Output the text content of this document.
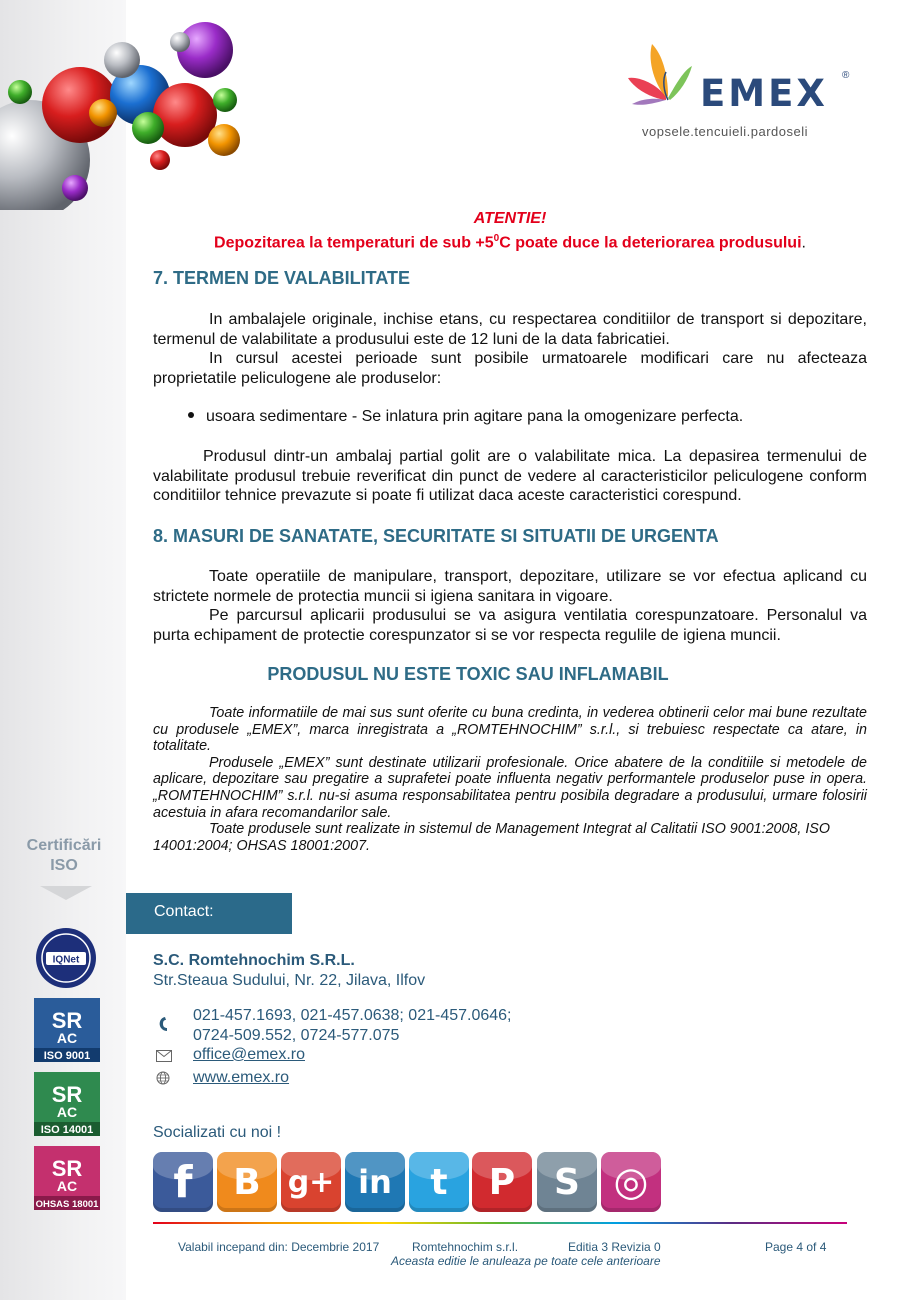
EMEX ®
vopsele.tencuieli.pardoseli
ATENTIE!
Depozitarea la temperaturi de sub $+5^0C$ poate duce la deteriorarea produsului.
7. TERMEN DE VALABILITATE

In ambalajele originale, inchise etans, cu respectarea conditiilor de transport si depozitare, termenul de valabilitate a produsului este de 12 luni de la data fabricatiei.

In cursul acestei perioade sunt posibile urmatoarele modificari care nu afecteaza proprietatile peliculogene ale produselor:

usoara sedimentare - Se inlatura prin agitare pana la omogenizare perfecta.

Produsul dintr-un ambalaj partial golit are o valabilitate mica. La depasirea termenului de valabilitate produsul trebuie reverificat din punct de vedere al caracteristicilor peliculogene conform conditiilor tehnice prevazute si poate fi utilizat daca aceste caracteristici corespund.

8. MASURI DE SANATATE, SECURITATE SI SITUATII DE URGENTA

Toate operatiile de manipulare, transport, depozitare, utilizare se vor efectua aplicand cu strictete normele de protectia muncii si igiena sanitara in vigoare.

Pe parcursul aplicarii produsului se va asigura ventilatia corespunzatoare. Personalul va purta echipament de protectie corespunzator si se vor respecta regulile de igiena muncii.

PRODUSUL NU ESTE TOXIC SAU INFLAMABIL

Toate informatiile de mai sus sunt oferite cu buna credinta, in vederea obtinerii celor mai bune rezultate cu produsele „EMEX”, marca inregistrata a „ROMTEHNOCHIM” s.r.l., si trebuiesc respectate ca atare, in totalitate.

Produsele „EMEX” sunt destinate utilizarii profesionale. Orice abatere de la conditiile si metodele de aplicare, depozitare sau pregatire a suprafetei poate influenta negativ performantele produselor puse in opera. „ROMTEHNOCHIM” s.r.l. nu-si asuma responsabilitatea pentru posibila degradare a produsului, urmare folosirii acestuia in afara recomandarilor sale.

Toate produsele sunt realizate in sistemul de Management Integrat al Calitatii ISO 9001:2008, ISO 14001:2004; OHSAS 18001:2007.

Certificări
ISO
IQNet
SR
AC
ISO 9001
SR
AC
ISO 14001
SR
AC
OHSAS 18001
Contact:
S.C. Romtehnochim S.R.L.
Str.Steaua Sudului, Nr. 22, Jilava, Ilfov
021-457.1693, 021-457.0638; 021-457.0646;
0724-509.552, 0724-577.075
office@emex.ro
www.emex.ro
Socializati cu noi !
f	B g+ in	t	P	S ◎
Valabil incepand din: Decembrie 2017	Romtehnochim s.r.l.	Editia 3 Revizia 0	Page 4 of 4
Aceasta editie le anuleaza pe toate cele anterioare
